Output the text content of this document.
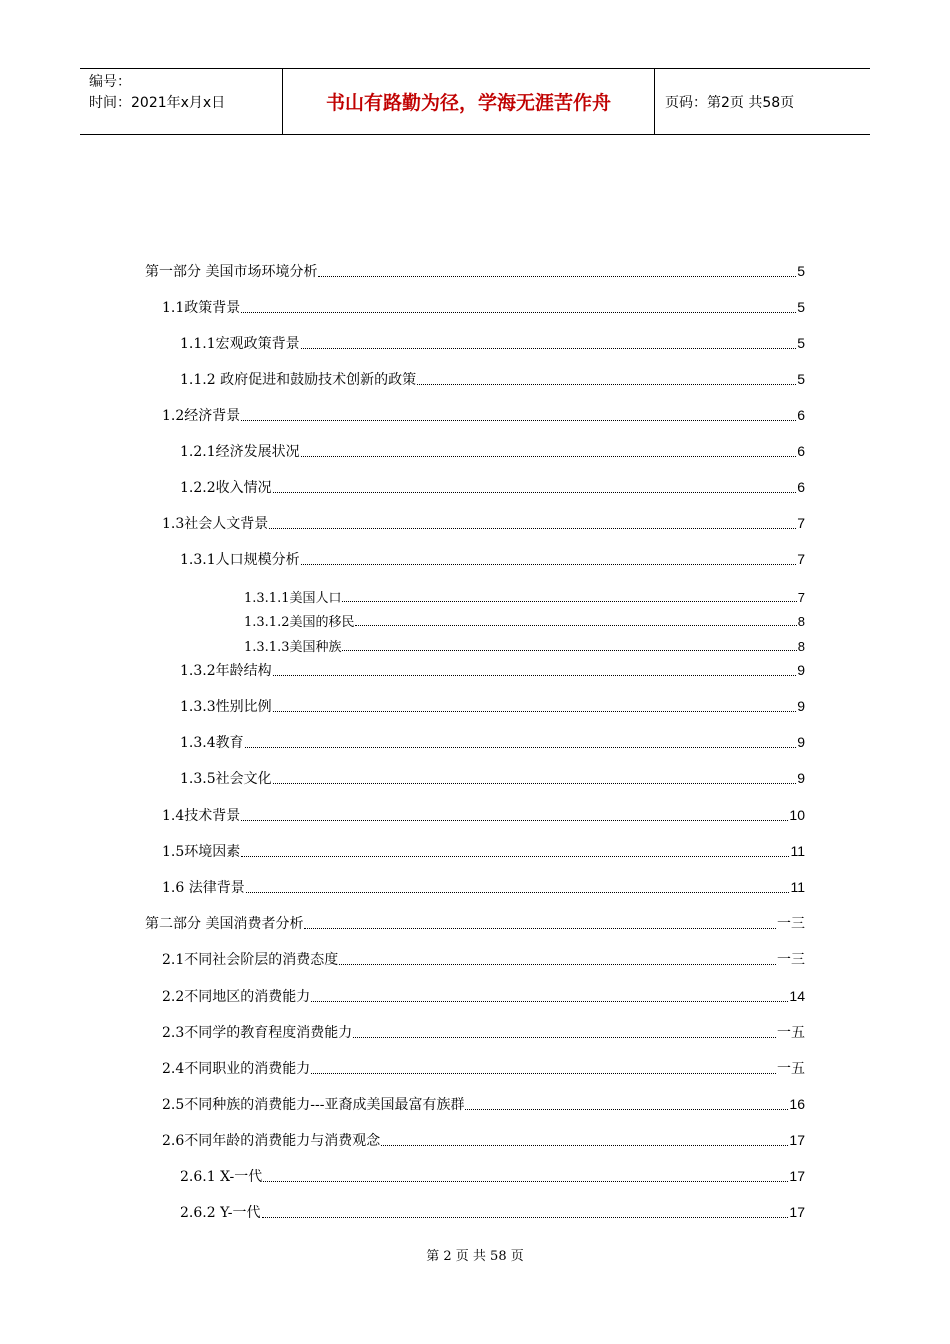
编号：
时间：2021年x月x日	书山有路勤为径，学海无涯苦作舟	页码：第2页 共58页
第一部分 美国市场环境分析	5
1.1政策背景	5
1.1.1宏观政策背景	5
1.1.2 政府促进和鼓励技术创新的政策	5
1.2经济背景	6
1.2.1经济发展状况	6
1.2.2收入情况	6
1.3社会人文背景	7
1.3.1人口规模分析	7
1.3.1.1美国人口	7
1.3.1.2美国的移民	8
1.3.1.3美国种族	8
1.3.2年龄结构	9
1.3.3性别比例	9
1.3.4教育	9
1.3.5社会文化	9
1.4技术背景	10
1.5环境因素	11
1.6 法律背景	11
第二部分 美国消费者分析	一三
2.1不同社会阶层的消费态度	一三
2.2不同地区的消费能力	14
2.3不同学的教育程度消费能力	一五
2.4不同职业的消费能力	一五
2.5不同种族的消费能力---亚裔成美国最富有族群	16
2.6不同年龄的消费能力与消费观念	17
2.6.1 X-一代	17
2.6.2 Y-一代	17
第 2 页 共 58 页
